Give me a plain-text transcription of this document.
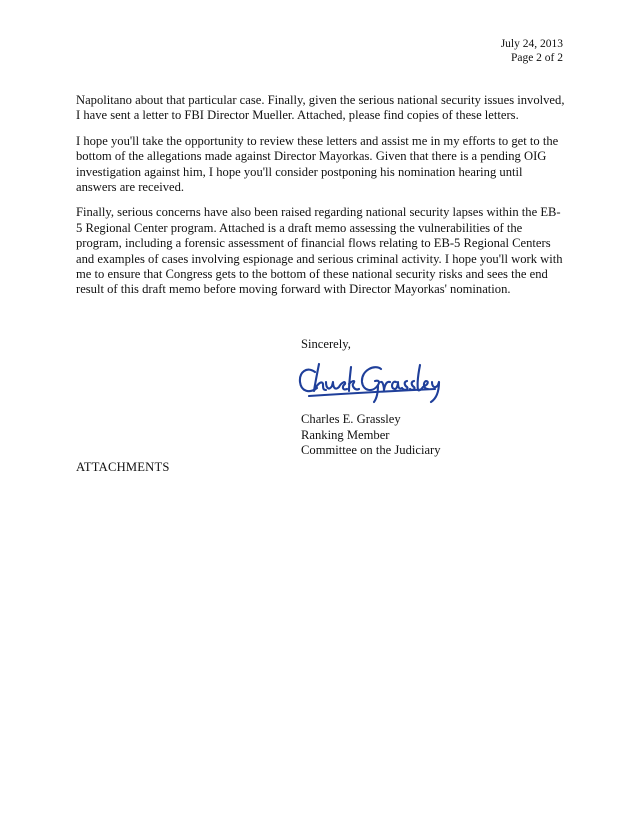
July 24, 2013
Page 2 of 2

Napolitano about that particular case. Finally, given the serious national security issues involved, I have sent a letter to FBI Director Mueller. Attached, please find copies of these letters.

I hope you'll take the opportunity to review these letters and assist me in my efforts to get to the bottom of the allegations made against Director Mayorkas. Given that there is a pending OIG investigation against him, I hope you'll consider postponing his nomination hearing until answers are received.

Finally, serious concerns have also been raised regarding national security lapses within the EB-5 Regional Center program. Attached is a draft memo assessing the vulnerabilities of the program, including a forensic assessment of financial flows relating to EB-5 Regional Centers and examples of cases involving espionage and serious criminal activity. I hope you'll work with me to ensure that Congress gets to the bottom of these national security risks and sees the end result of this draft memo before moving forward with Director Mayorkas' nomination.

Sincerely,

Charles E. Grassley

Ranking Member

Committee on the Judiciary

ATTACHMENTS
